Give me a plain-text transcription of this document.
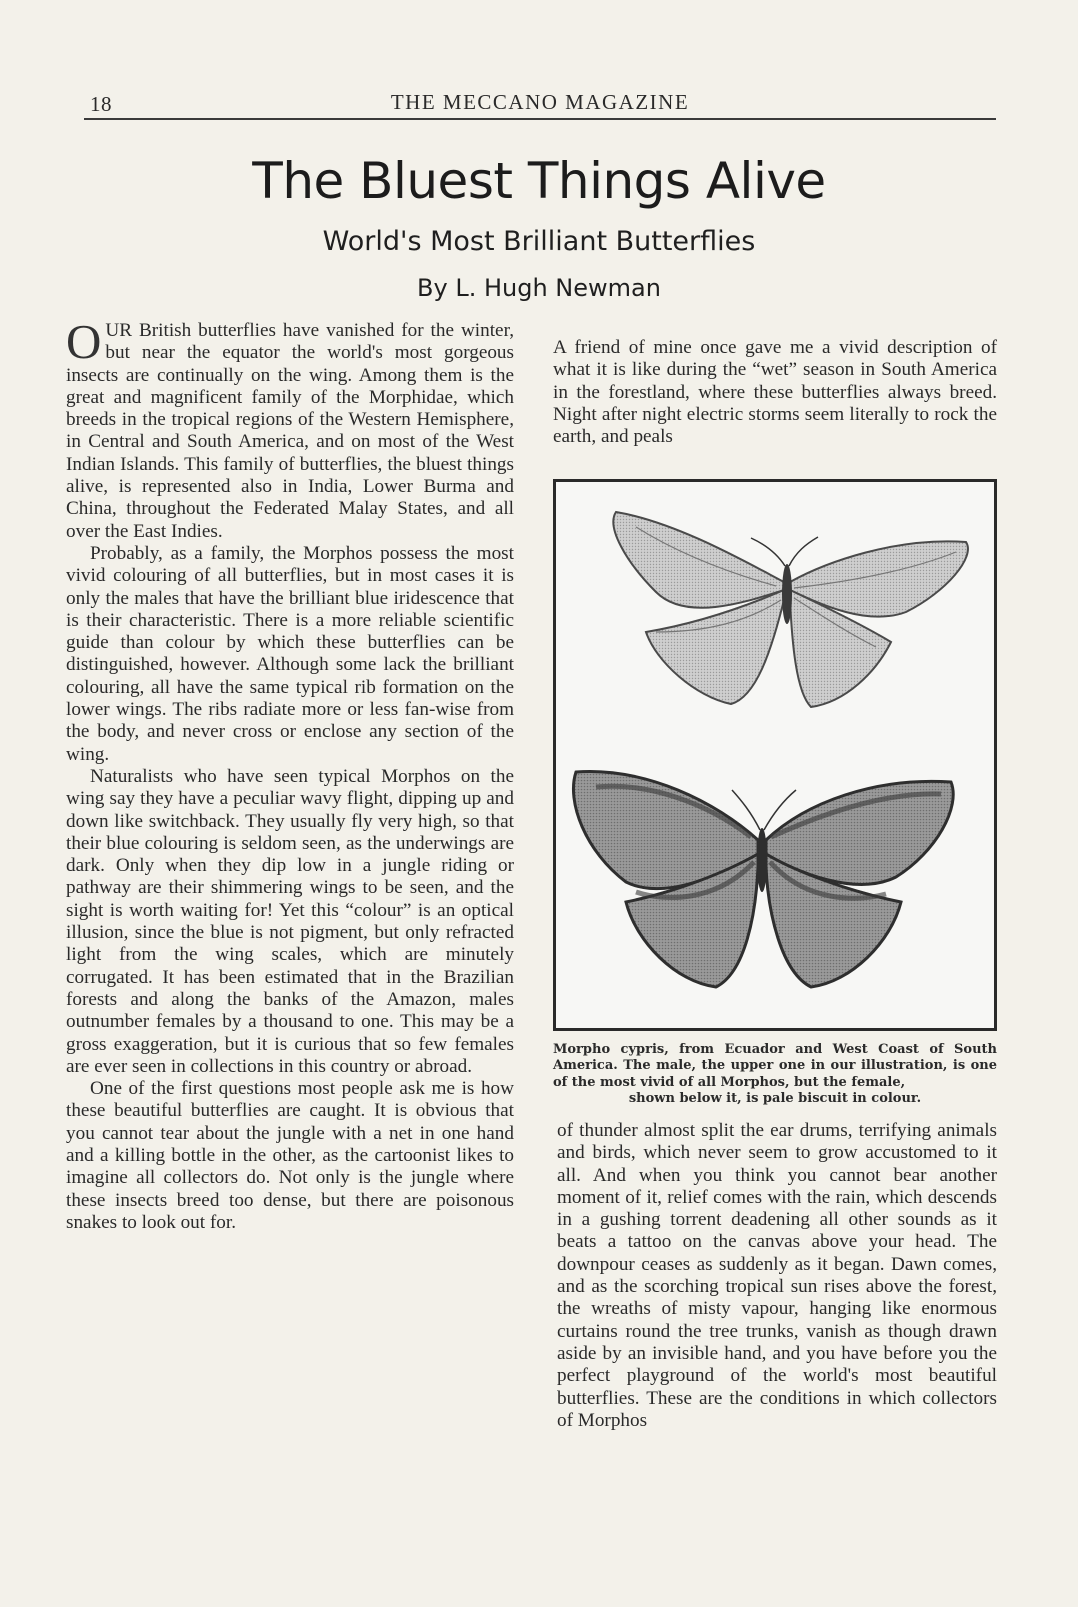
18	THE MECCANO MAGAZINE
The Bluest Things Alive
World's Most Brilliant Butterflies
By L. Hugh Newman

OUR British butterflies have vanished for the winter, but near the equator the world's most gorgeous insects are continually on the wing. Among them is the great and magnificent family of the Morphidae, which breeds in the tropical regions of the Western Hemisphere, in Central and South America, and on most of the West Indian Islands. This family of butterflies, the bluest things alive, is represented also in India, Lower Burma and China, throughout the Federated Malay States, and all over the East Indies.

Probably, as a family, the Morphos possess the most vivid colouring of all butterflies, but in most cases it is only the males that have the brilliant blue iridescence that is their characteristic. There is a more reliable scientific guide than colour by which these butterflies can be distinguished, however. Although some lack the brilliant colouring, all have the same typical rib formation on the lower wings. The ribs radiate more or less fan-wise from the body, and never cross or enclose any section of the wing.

Naturalists who have seen typical Morphos on the wing say they have a peculiar wavy flight, dipping up and down like switchback. They usually fly very high, so that their blue colouring is seldom seen, as the underwings are dark. Only when they dip low in a jungle riding or pathway are their shimmering wings to be seen, and the sight is worth waiting for! Yet this “colour” is an optical illusion, since the blue is not pigment, but only refracted light from the wing scales, which are minutely corrugated. It has been estimated that in the Brazilian forests and along the banks of the Amazon, males outnumber females by a thousand to one. This may be a gross exaggeration, but it is curious that so few females are ever seen in collections in this country or abroad.

One of the first questions most people ask me is how these beautiful butterflies are caught. It is obvious that you cannot tear about the jungle with a net in one hand and a killing bottle in the other, as the cartoonist likes to imagine all collectors do. Not only is the jungle where these insects breed too dense, but there are poisonous snakes to look out for.

A friend of mine once gave me a vivid description of what it is like during the “wet” season in South America in the forestland, where these butterflies always breed. Night after night electric storms seem literally to rock the earth, and peals

Morpho cypris, from Ecuador and West Coast of South America. The male, the upper one in our illustration, is one of the most vivid of all Morphos, but the female,
shown below it, is pale biscuit in colour.

of thunder almost split the ear drums, terrifying animals and birds, which never seem to grow accustomed to it all. And when you think you cannot bear another moment of it, relief comes with the rain, which descends in a gushing torrent deadening all other sounds as it beats a tattoo on the canvas above your head. The downpour ceases as suddenly as it began. Dawn comes, and as the scorching tropical sun rises above the forest, the wreaths of misty vapour, hanging like enormous curtains round the tree trunks, vanish as though drawn aside by an invisible hand, and you have before you the perfect playground of the world's most beautiful butterflies. These are the conditions in which collectors of Morphos
